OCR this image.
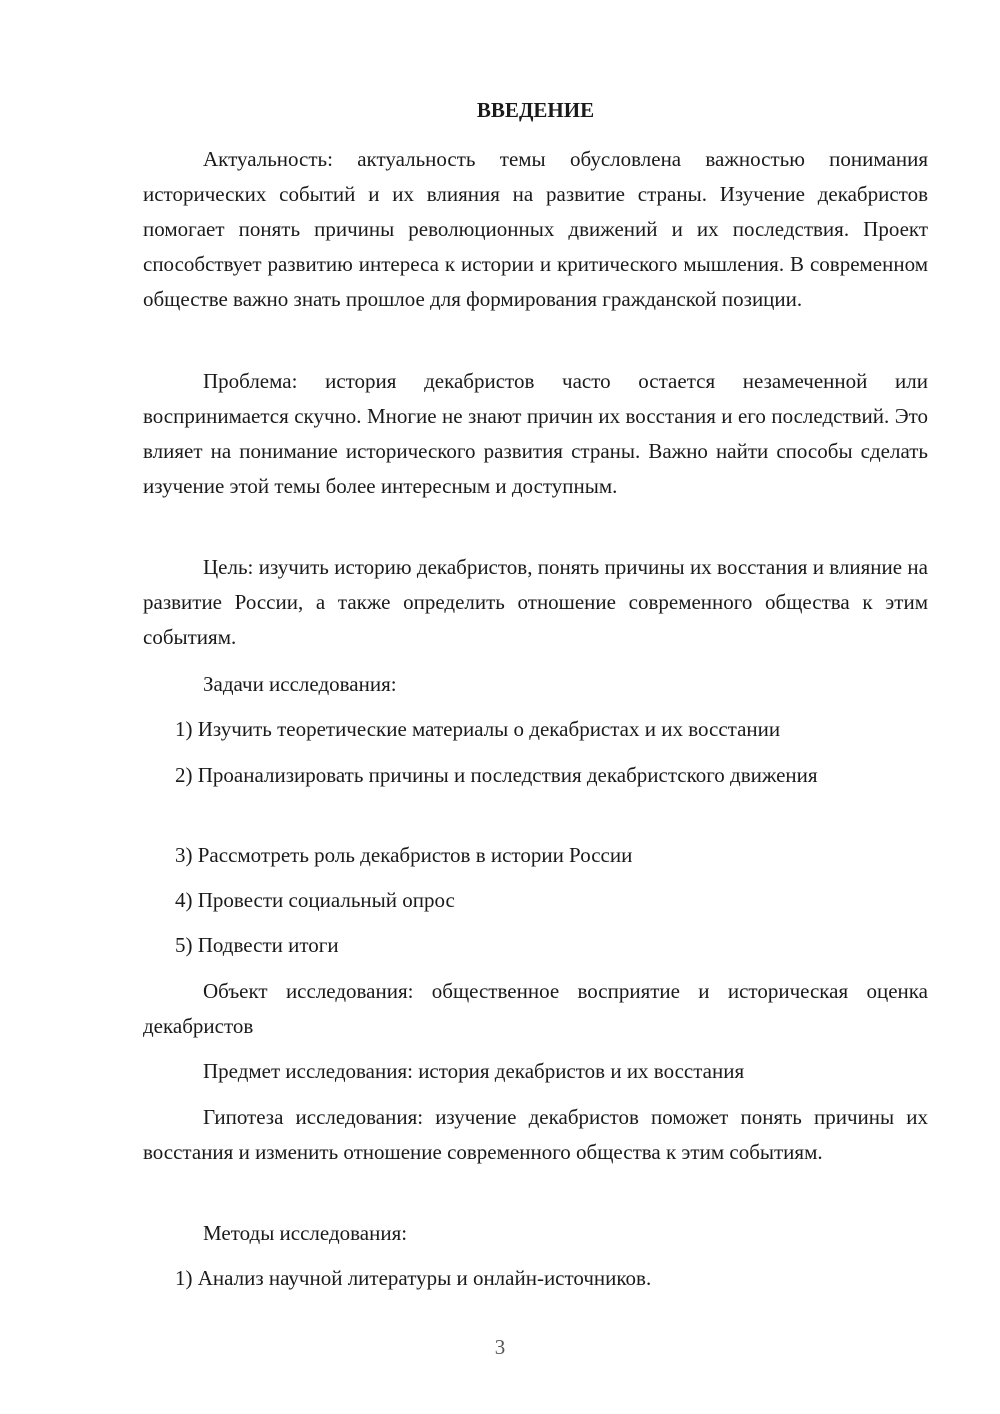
ВВЕДЕНИЕ

Актуальность: актуальность темы обусловлена важностью понимания исторических событий и их влияния на развитие страны. Изучение декабристов помогает понять причины революционных движений и их последствия. Проект способствует развитию интереса к истории и критического мышления. В современном обществе важно знать прошлое для формирования гражданской позиции.

Проблема: история декабристов часто остается незамеченной или воспринимается скучно. Многие не знают причин их восстания и его последствий. Это влияет на понимание исторического развития страны. Важно найти способы сделать изучение этой темы более интересным и доступным.

Цель: изучить историю декабристов, понять причины их восстания и влияние на развитие России, а также определить отношение современного общества к этим событиям.

Задачи исследования:

1) Изучить теоретические материалы о декабристах и их восстании

2) Проанализировать причины и последствия декабристского движения

3) Рассмотреть роль декабристов в истории России

4) Провести социальный опрос

5) Подвести итоги

Объект исследования: общественное восприятие и историческая оценка декабристов

Предмет исследования: история декабристов и их восстания

Гипотеза исследования: изучение декабристов поможет понять причины их восстания и изменить отношение современного общества к этим событиям.

Методы исследования:

1) Анализ научной литературы и онлайн-источников.

3
